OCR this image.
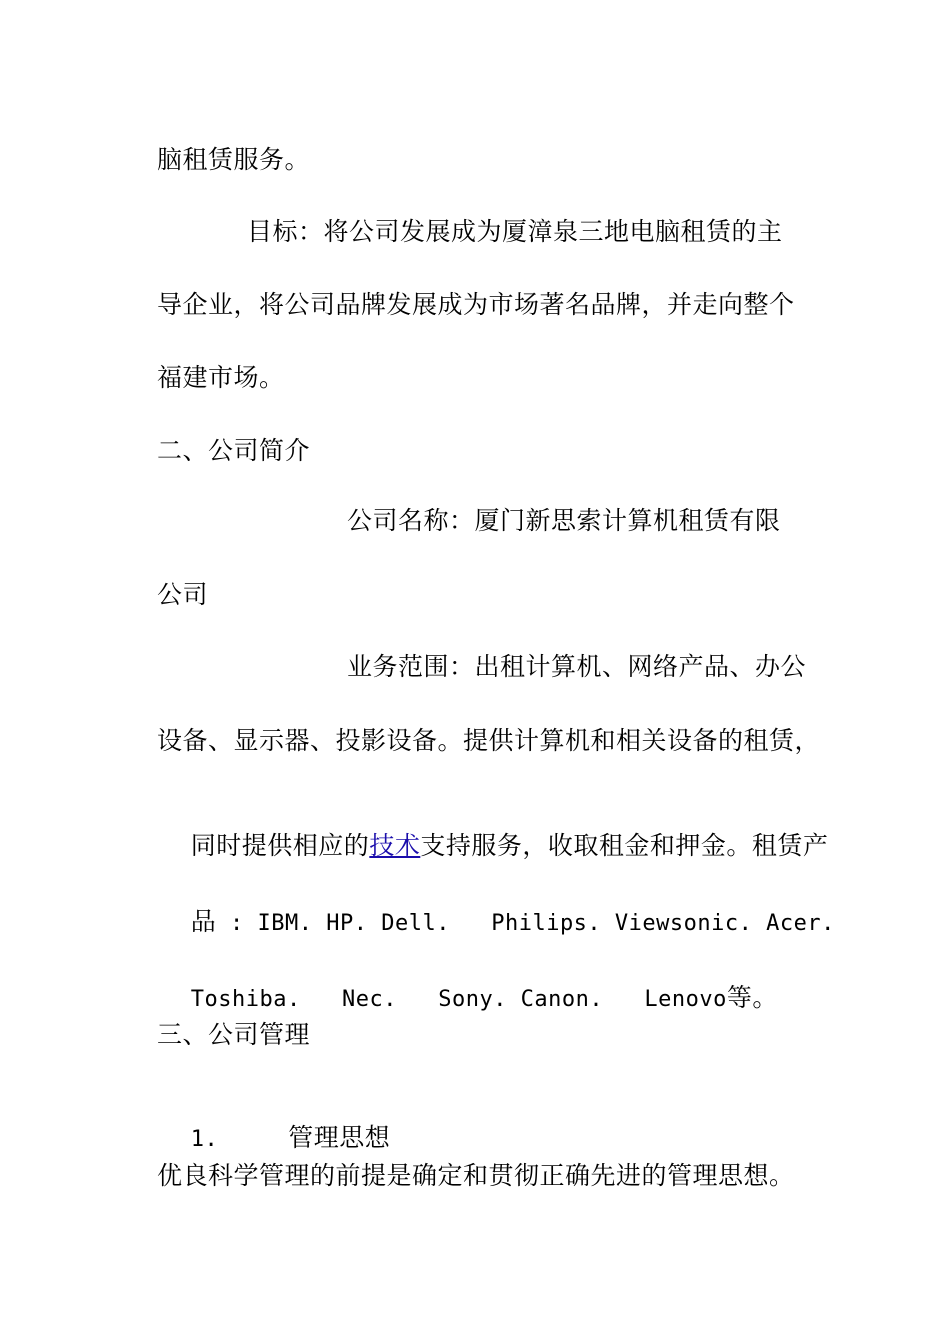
脑租赁服务。
目标：将公司发展成为厦漳泉三地电脑租赁的主
导企业，将公司品牌发展成为市场著名品牌，并走向整个
福建市场。
二、公司简介
公司名称：厦门新思索计算机租赁有限
公司
业务范围：出租计算机、网络产品、办公
设备、显示器、投影设备。提供计算机和相关设备的租赁，

同时提供相应的技术支持服务，收取租金和押金。租赁产

品 : IBM. HP. Dell.   Philips. Viewsonic. Acer.

Toshiba.   Nec.   Sony. Canon.   Lenovo等。

三、公司管理

1.	管理思想

优良科学管理的前提是确定和贯彻正确先进的管理思想。
